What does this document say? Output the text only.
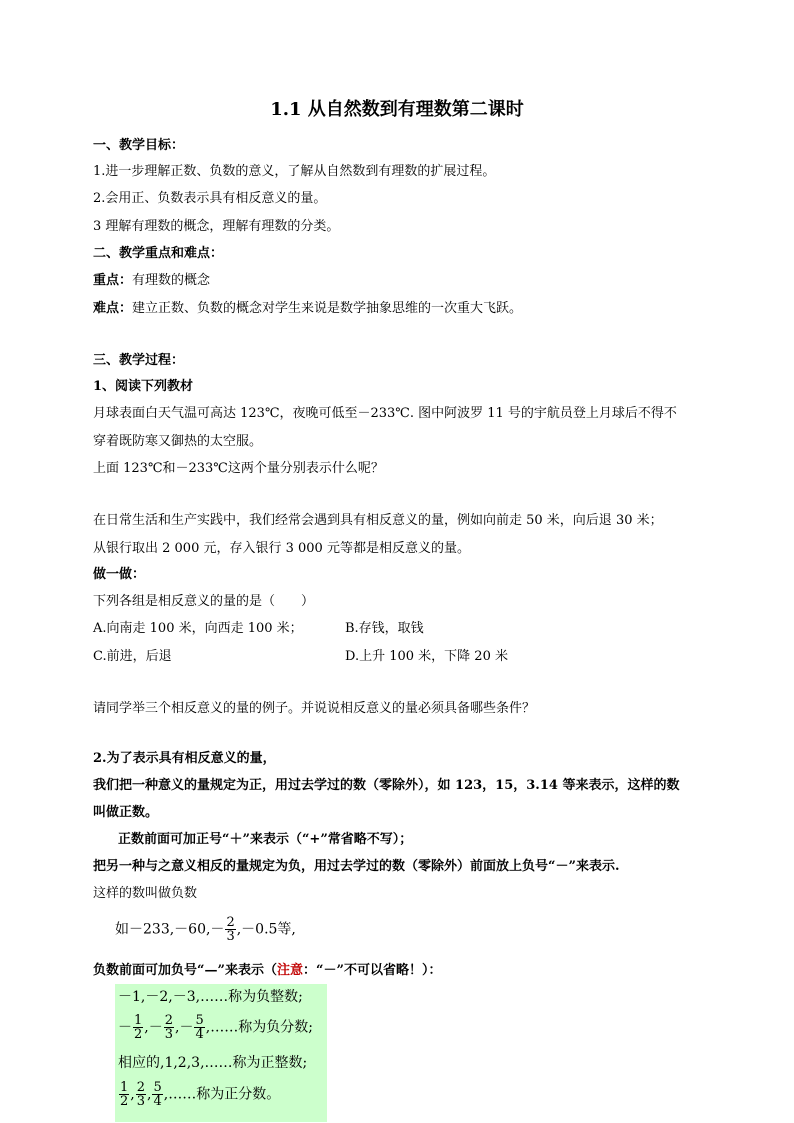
1.1 从自然数到有理数第二课时
一、教学目标：
1.进一步理解正数、负数的意义，了解从自然数到有理数的扩展过程。
2.会用正、负数表示具有相反意义的量。
3 理解有理数的概念，理解有理数的分类。
二、教学重点和难点：
重点：有理数的概念
难点：建立正数、负数的概念对学生来说是数学抽象思维的一次重大飞跃。
三、教学过程：
1、阅读下列教材
月球表面白天气温可高达 123℃，夜晚可低至－233℃. 图中阿波罗 11 号的宇航员登上月球后不得不
穿着既防寒又御热的太空服。
上面 123℃和－233℃这两个量分别表示什么呢？
在日常生活和生产实践中，我们经常会遇到具有相反意义的量，例如向前走 50 米，向后退 30 米；
从银行取出 2 000 元，存入银行 3 000 元等都是相反意义的量。
做一做：
下列各组是相反意义的量的是（　　）
A.向南走 100 米，向西走 100 米；	B.存钱，取钱
C.前进，后退	D.上升 100 米，下降 20 米
请同学举三个相反意义的量的例子。并说说相反意义的量必须具备哪些条件？
2.为了表示具有相反意义的量，
我们把一种意义的量规定为正，用过去学过的数（零除外），如 123，15，3.14 等来表示，这样的数
叫做正数。
正数前面可加正号“＋”来表示（“+”常省略不写）；
把另一种与之意义相反的量规定为负，用过去学过的数（零除外）前面放上负号“－”来表示.
这样的数叫做负数
如$-233,-60,- \frac{2}{3} ,-0.5$等,
负数前面可加负号“—”来表示（注意：“－”不可以省略！）：
－1,－2,－3,……称为负整数;
－ $\frac{1}{2}$ ,－ $\frac{2}{3}$ ,－ $\frac{5}{4}$ ,……称为负分数;
相应的,1,2,3,……称为正整数;
$\frac{1}{2}$ , $\frac{2}{3}$ , $\frac{5}{4}$ ,……称为正分数。
